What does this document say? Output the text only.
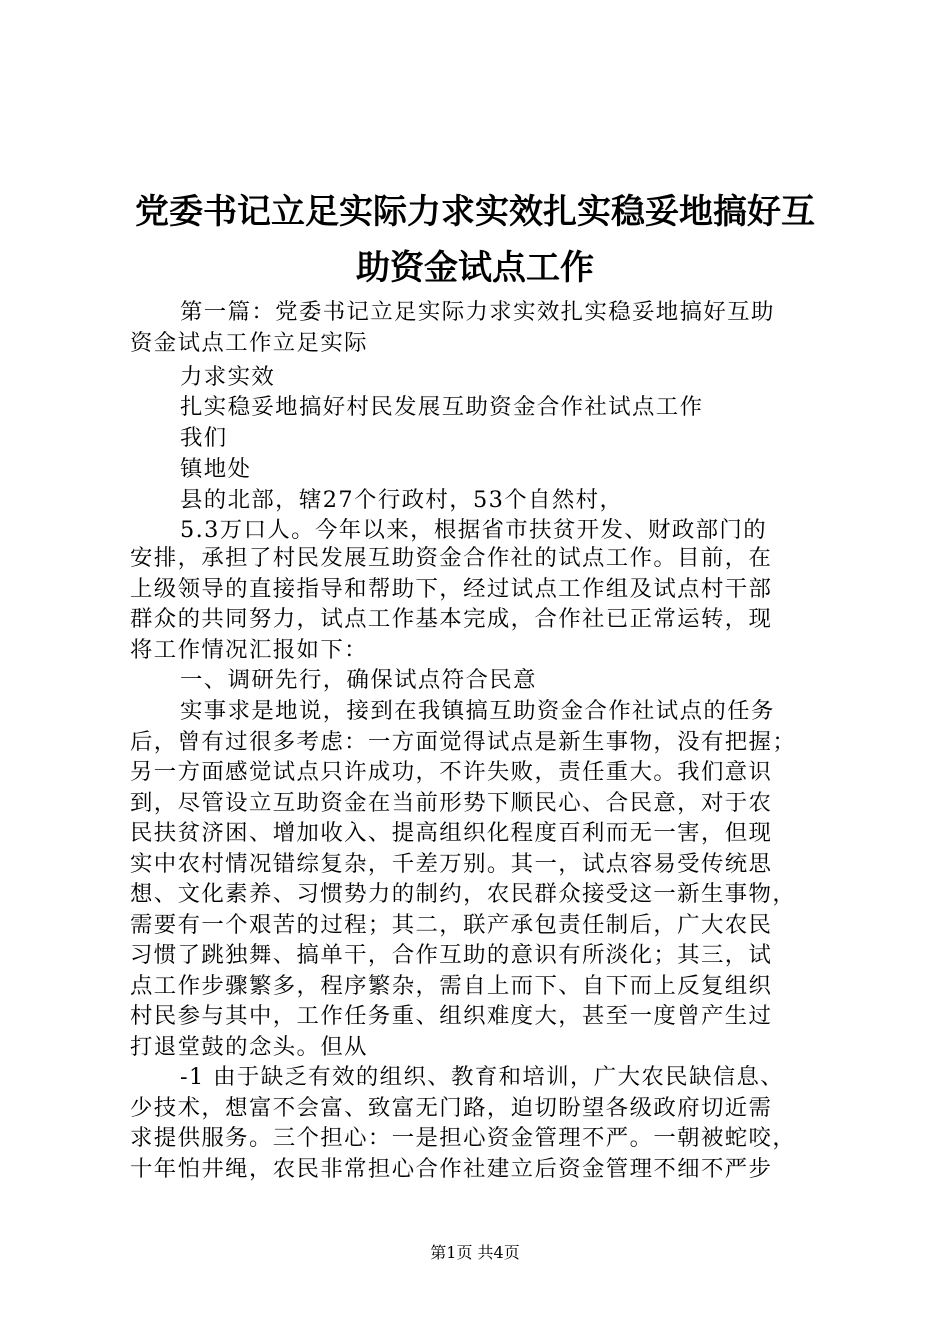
党委书记立足实际力求实效扎实稳妥地搞好互
助资金试点工作
第一篇：党委书记立足实际力求实效扎实稳妥地搞好互助
资金试点工作立足实际
力求实效
扎实稳妥地搞好村民发展互助资金合作社试点工作
我们
镇地处
县的北部，辖27个行政村，53个自然村，
5.3万口人。今年以来，根据省市扶贫开发、财政部门的
安排，承担了村民发展互助资金合作社的试点工作。目前，在
上级领导的直接指导和帮助下，经过试点工作组及试点村干部
群众的共同努力，试点工作基本完成，合作社已正常运转，现
将工作情况汇报如下：
一、调研先行，确保试点符合民意
实事求是地说，接到在我镇搞互助资金合作社试点的任务
后，曾有过很多考虑：一方面觉得试点是新生事物，没有把握；
另一方面感觉试点只许成功，不许失败，责任重大。我们意识
到，尽管设立互助资金在当前形势下顺民心、合民意，对于农
民扶贫济困、增加收入、提高组织化程度百利而无一害，但现
实中农村情况错综复杂，千差万别。其一，试点容易受传统思
想、文化素养、习惯势力的制约，农民群众接受这一新生事物，
需要有一个艰苦的过程；其二，联产承包责任制后，广大农民
习惯了跳独舞、搞单干，合作互助的意识有所淡化；其三，试
点工作步骤繁多，程序繁杂，需自上而下、自下而上反复组织
村民参与其中，工作任务重、组织难度大，甚至一度曾产生过
打退堂鼓的念头。但从
-1 由于缺乏有效的组织、教育和培训，广大农民缺信息、
少技术，想富不会富、致富无门路，迫切盼望各级政府切近需
求提供服务。三个担心：一是担心资金管理不严。一朝被蛇咬，
十年怕井绳，农民非常担心合作社建立后资金管理不细不严步
第1页 共4页
